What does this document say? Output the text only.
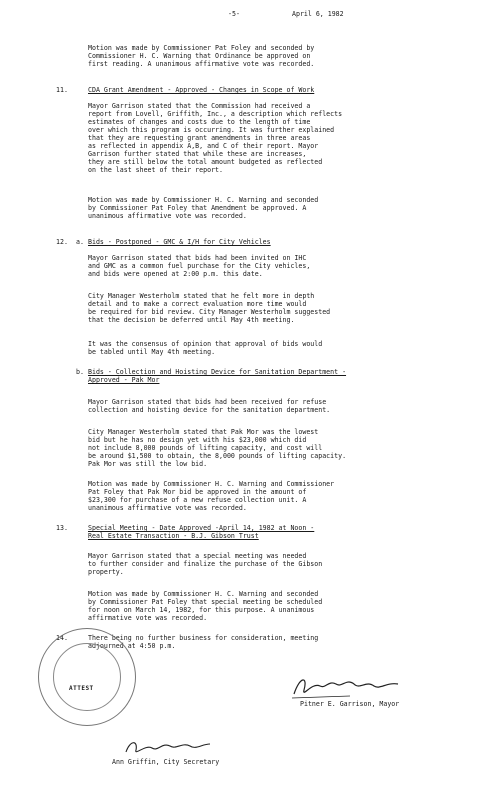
-5-	April 6, 1982
Motion was made by Commissioner Pat Foley and seconded by
Commissioner H. C. Warning that Ordinance be approved on
first reading. A unanimous affirmative vote was recorded.
11.	CDA Grant Amendment - Approved - Changes in Scope of Work
Mayor Garrison stated that the Commission had received a
report from Lovell, Griffith, Inc., a description which reflects
estimates of changes and costs due to the length of time
over which this program is occurring. It was further explained
that they are requesting grant amendments in three areas
as reflected in appendix A,B, and C of their report. Mayor
Garrison further stated that while these are increases,
they are still below the total amount budgeted as reflected
on the last sheet of their report.
Motion was made by Commissioner H. C. Warning and seconded
by Commissioner Pat Foley that Amendment be approved. A
unanimous affirmative vote was recorded.
12. a. Bids - Postponed - GMC & I/H for City Vehicles
Mayor Garrison stated that bids had been invited on IHC
and GMC as a common fuel purchase for the City vehicles,
and bids were opened at 2:00 p.m. this date.
City Manager Westerholm stated that he felt more in depth
detail and to make a correct evaluation more time would
be required for bid review. City Manager Westerholm suggested
that the decision be deferred until May 4th meeting.
It was the consensus of opinion that approval of bids would
be tabled until May 4th meeting.
b. Bids - Collection and Hoisting Device for Sanitation Department -
Approved - Pak Mor
Mayor Garrison stated that bids had been received for refuse
collection and hoisting device for the sanitation department.
City Manager Westerholm stated that Pak Mor was the lowest
bid but he has no design yet with his $23,000 which did
not include 8,000 pounds of lifting capacity, and cost will
be around $1,500 to obtain, the 8,000 pounds of lifting capacity.
Pak Mor was still the low bid.
Motion was made by Commissioner H. C. Warning and Commissioner
Pat Foley that Pak Mor bid be approved in the amount of
$23,300 for purchase of a new refuse collection unit. A
unanimous affirmative vote was recorded.
13.	Special Meeting - Date Approved -April 14, 1982 at Noon -
Real Estate Transaction - B.J. Gibson Trust
Mayor Garrison stated that a special meeting was needed
to further consider and finalize the purchase of the Gibson
property.
Motion was made by Commissioner H. C. Warning and seconded
by Commissioner Pat Foley that special meeting be scheduled
for noon on March 14, 1982, for this purpose. A unanimous
affirmative vote was recorded.
14.	There being no further business for consideration, meeting
adjourned at 4:50 p.m.
ATTEST
Pitner E. Garrison, Mayor
Ann Griffin, City Secretary
